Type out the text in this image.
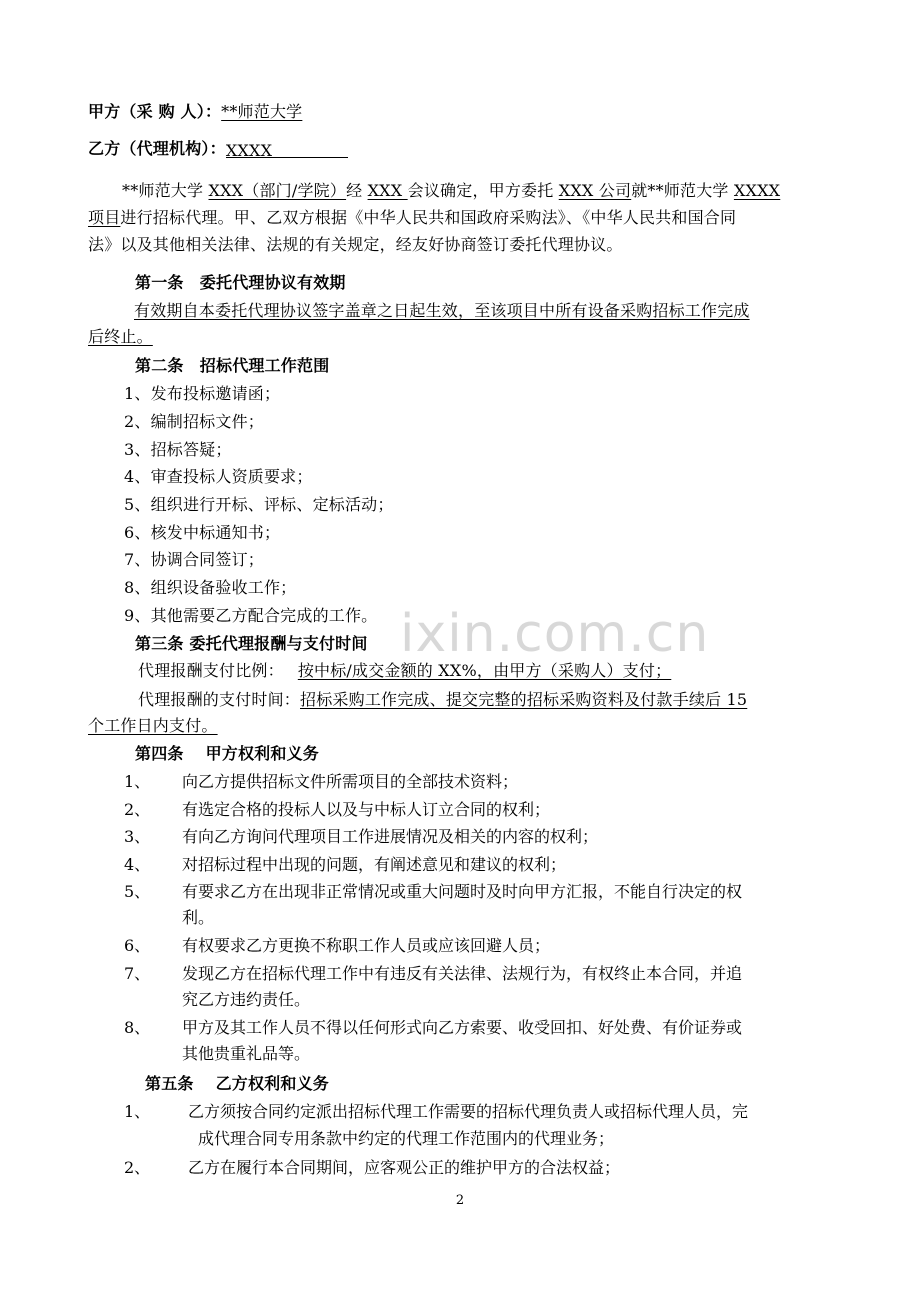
甲方（采 购 人）：**师范大学

乙方（代理机构）：XXXX

**师范大学 XXX（部门/学院）经 XXX 会议确定，甲方委托 XXX 公司就**师范大学 XXXX

项目进行招标代理。甲、乙双方根据《中华人民共和国政府采购法》、《中华人民共和国合同

法》以及其他相关法律、法规的有关规定，经友好协商签订委托代理协议。

第一条　委托代理协议有效期

有效期自本委托代理协议签字盖章之日起生效，至该项目中所有设备采购招标工作完成

后终止。

第二条　招标代理工作范围

1、发布投标邀请函；

2、编制招标文件；

3、招标答疑；

4、审查投标人资质要求；

5、组织进行开标、评标、定标活动；

6、核发中标通知书；

7、协调合同签订；

8、组织设备验收工作；

9、其他需要乙方配合完成的工作。

第三条 委托代理报酬与支付时间

代理报酬支付比例： 按中标/成交金额的 XX%，由甲方（采购人）支付；

代理报酬的支付时间：招标采购工作完成、提交完整的招标采购资料及付款手续后 15

个工作日内支付。

第四条　 甲方权利和义务

1、 向乙方提供招标文件所需项目的全部技术资料；
2、 有选定合格的投标人以及与中标人订立合同的权利；
3、 有向乙方询问代理项目工作进展情况及相关的内容的权利；
4、 对招标过程中出现的问题，有阐述意见和建议的权利；
5、 有要求乙方在出现非正常情况或重大问题时及时向甲方汇报，不能自行决定的权
利。
6、 有权要求乙方更换不称职工作人员或应该回避人员；
7、 发现乙方在招标代理工作中有违反有关法律、法规行为，有权终止本合同，并追
究乙方违约责任。
8、 甲方及其工作人员不得以任何形式向乙方索要、收受回扣、好处费、有价证券或
其他贵重礼品等。

第五条　 乙方权利和义务

1、 乙方须按合同约定派出招标代理工作需要的招标代理负责人或招标代理人员，完
成代理合同专用条款中约定的代理工作范围内的代理业务；
2、 乙方在履行本合同期间，应客观公正的维护甲方的合法权益；
ixin.com.cn
2
